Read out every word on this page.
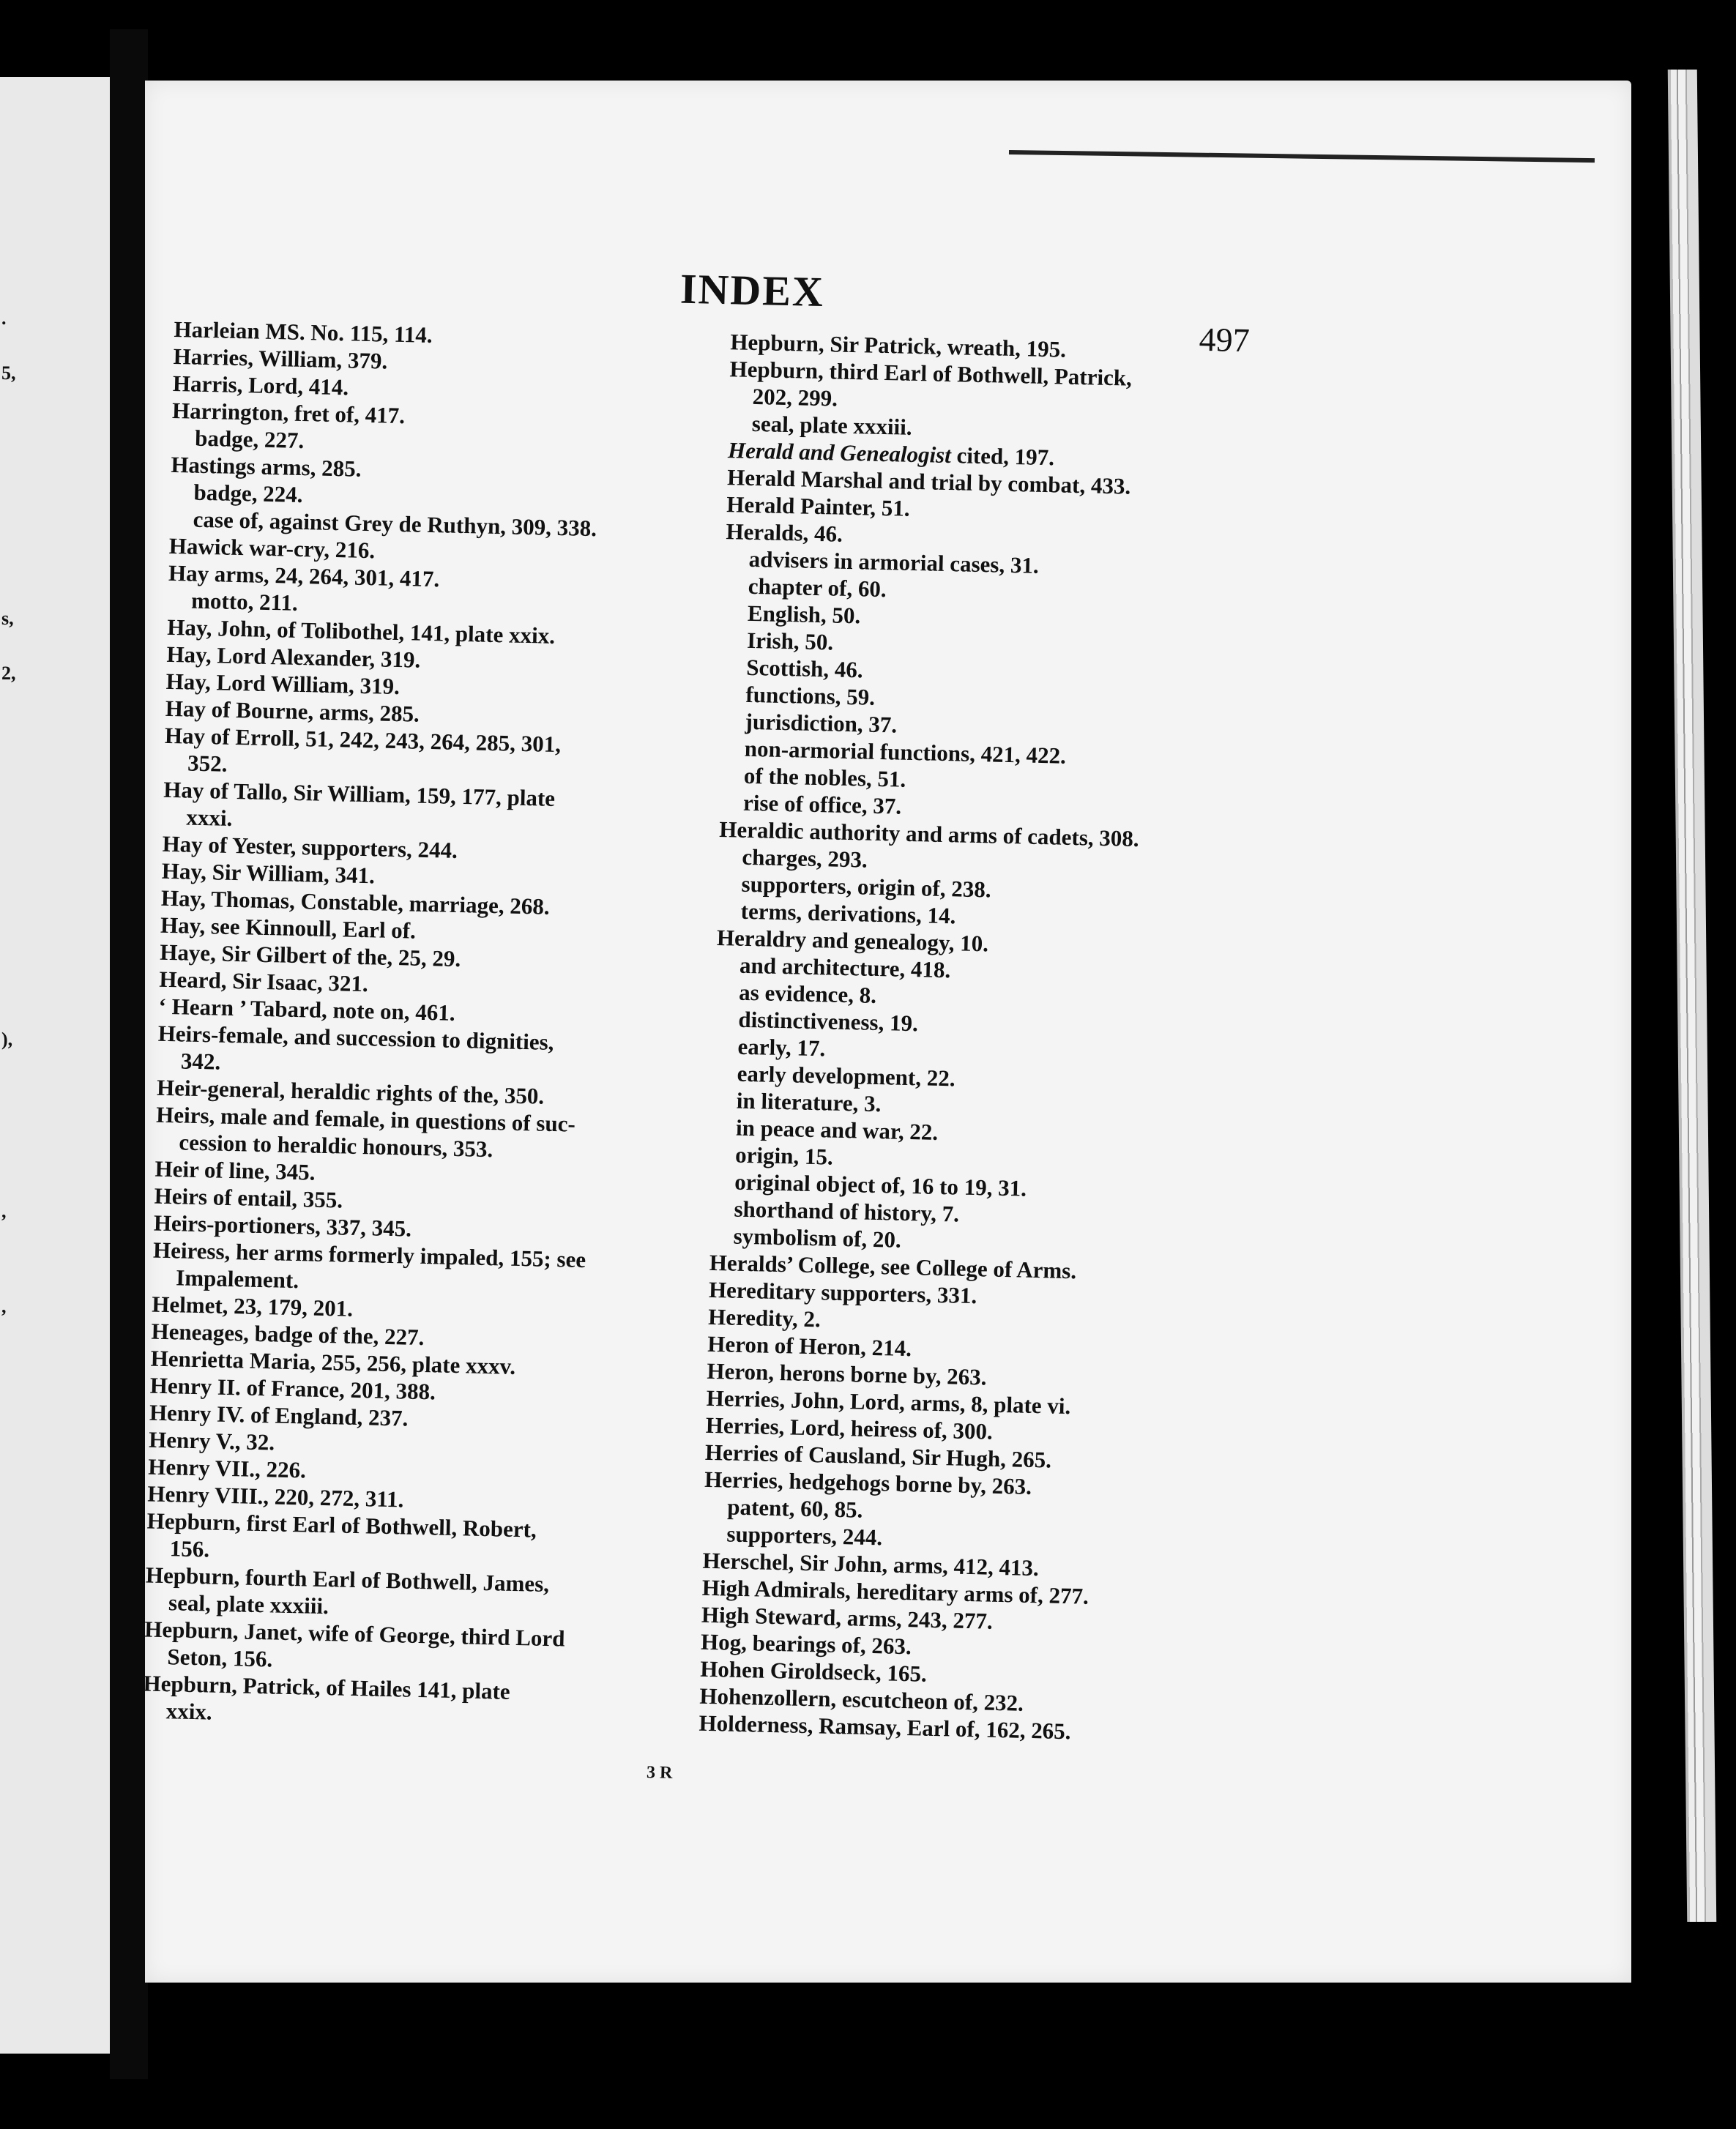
.
5,
s,
2,
),
,
,
INDEX
497
Harleian MS. No. 115, 114.
Harries, William, 379.
Harris, Lord, 414.
Harrington, fret of, 417.
badge, 227.
Hastings arms, 285.
badge, 224.
case of, against Grey de Ruthyn, 309, 338.
Hawick war-cry, 216.
Hay arms, 24, 264, 301, 417.
motto, 211.
Hay, John, of Tolibothel, 141, plate xxix.
Hay, Lord Alexander, 319.
Hay, Lord William, 319.
Hay of Bourne, arms, 285.
Hay of Erroll, 51, 242, 243, 264, 285, 301,
352.
Hay of Tallo, Sir William, 159, 177, plate
xxxi.
Hay of Yester, supporters, 244.
Hay, Sir William, 341.
Hay, Thomas, Constable, marriage, 268.
Hay, see Kinnoull, Earl of.
Haye, Sir Gilbert of the, 25, 29.
Heard, Sir Isaac, 321.
‘ Hearn ’ Tabard, note on, 461.
Heirs-female, and succession to dignities,
342.
Heir-general, heraldic rights of the, 350.
Heirs, male and female, in questions of suc-
cession to heraldic honours, 353.
Heir of line, 345.
Heirs of entail, 355.
Heirs-portioners, 337, 345.
Heiress, her arms formerly impaled, 155; see
Impalement.
Helmet, 23, 179, 201.
Heneages, badge of the, 227.
Henrietta Maria, 255, 256, plate xxxv.
Henry II. of France, 201, 388.
Henry IV. of England, 237.
Henry V., 32.
Henry VII., 226.
Henry VIII., 220, 272, 311.
Hepburn, first Earl of Bothwell, Robert,
156.
Hepburn, fourth Earl of Bothwell, James,
seal, plate xxxiii.
Hepburn, Janet, wife of George, third Lord
Seton, 156.
Hepburn, Patrick, of Hailes 141, plate
xxix.
Hepburn, Sir Patrick, wreath, 195.
Hepburn, third Earl of Bothwell, Patrick,
202, 299.
seal, plate xxxiii.
Herald and Genealogist cited, 197.
Herald Marshal and trial by combat, 433.
Herald Painter, 51.
Heralds, 46.
advisers in armorial cases, 31.
chapter of, 60.
English, 50.
Irish, 50.
Scottish, 46.
functions, 59.
jurisdiction, 37.
non-armorial functions, 421, 422.
of the nobles, 51.
rise of office, 37.
Heraldic authority and arms of cadets, 308.
charges, 293.
supporters, origin of, 238.
terms, derivations, 14.
Heraldry and genealogy, 10.
and architecture, 418.
as evidence, 8.
distinctiveness, 19.
early, 17.
early development, 22.
in literature, 3.
in peace and war, 22.
origin, 15.
original object of, 16 to 19, 31.
shorthand of history, 7.
symbolism of, 20.
Heralds’ College, see College of Arms.
Hereditary supporters, 331.
Heredity, 2.
Heron of Heron, 214.
Heron, herons borne by, 263.
Herries, John, Lord, arms, 8, plate vi.
Herries, Lord, heiress of, 300.
Herries of Causland, Sir Hugh, 265.
Herries, hedgehogs borne by, 263.
patent, 60, 85.
supporters, 244.
Herschel, Sir John, arms, 412, 413.
High Admirals, hereditary arms of, 277.
High Steward, arms, 243, 277.
Hog, bearings of, 263.
Hohen Giroldseck, 165.
Hohenzollern, escutcheon of, 232.
Holderness, Ramsay, Earl of, 162, 265.
3 R
